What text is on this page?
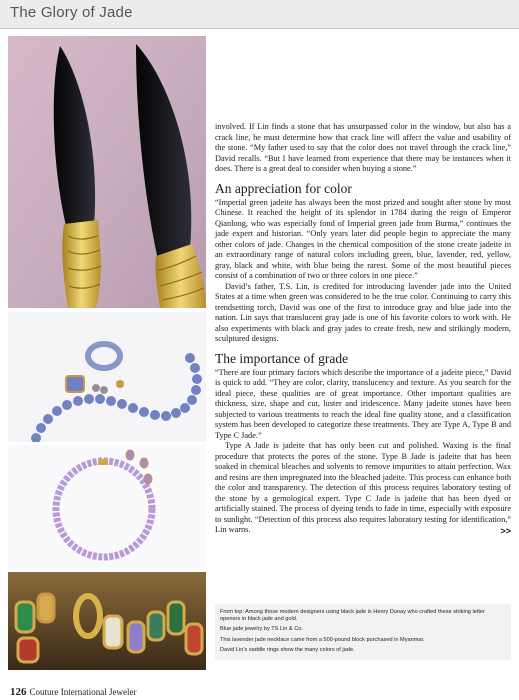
The Glory of Jade

involved. If Lin finds a stone that has unsurpassed color in the window, but also has a crack line, he must determine how that crack line will affect the value and usability of the stone. “My father used to say that the color does not travel through the crack line,” David recalls. “But I have learned from experience that there may be instances when it does. There is a great deal to consider when buying a stone.”

An appreciation for color

“Imperial green jadeite has always been the most prized and sought after stone by most Chinese. It reached the height of its splendor in 1784 during the reign of Emperor Qianlong, who was especially fond of Imperial green jade from Burma,” continues the jade expert and historian. “Only years later did people begin to appreciate the many other colors of jade. Changes in the chemical composition of the stone create jadeite in an extraordinary range of natural colors including green, blue, lavender, red, yellow, gray, black and white, with blue being the rarest. Some of the most beautiful pieces consist of a combination of two or three colors in one piece.”

David’s father, T.S. Lin, is credited for introducing lavender jade into the United States at a time when green was considered to be the true color. Continuing to carry this trendsetting torch, David was one of the first to introduce gray and blue jade into the nation. Lin says that translucent gray jade is one of his favorite colors to work with. He also experiments with black and gray jades to create fresh, new and strikingly modern, sculptured designs.

The importance of grade

“There are four primary factors which describe the importance of a jadeite piece,” David is quick to add. “They are color, clarity, translucency and texture. As you search for the ideal piece, these qualities are of great importance. Other important qualities are thickness, size, shape and cut, luster and iridescence. Many jadeite stones have been subjected to various treatments to reach the ideal fine quality stone, and a classification system has been developed to categorize these treatments. They are Type A, Type B and Type C Jade.”

Type A Jade is jadeite that has only been cut and polished. Waxing is the final procedure that protects the pores of the stone. Type B Jade is jadeite that has been soaked in chemical bleaches and solvents to remove impurities to attain perfection. Wax and resins are then impregnated into the bleached jadeite. This process can enhance both the color and transparency. The detection of this process requires laboratory testing of the stone by a gemological expert. Type C Jade is jadeite that has been dyed or artificially stained. The process of dyeing tends to fade in time, especially with exposure to sunlight. “Detection of this process also requires laboratory testing for identification,” Lin warns.	>>

From top: Among those modern designers using black jade is Henry Dunay who crafted these striking letter openers in black jade and gold.

Blue jade jewelry by TS Lin & Co.

This lavender jade necklace came from a 500-pound block purchased in Myanmar.

David Lin’s saddle rings show the many colors of jade.

126 Couture International Jeweler
